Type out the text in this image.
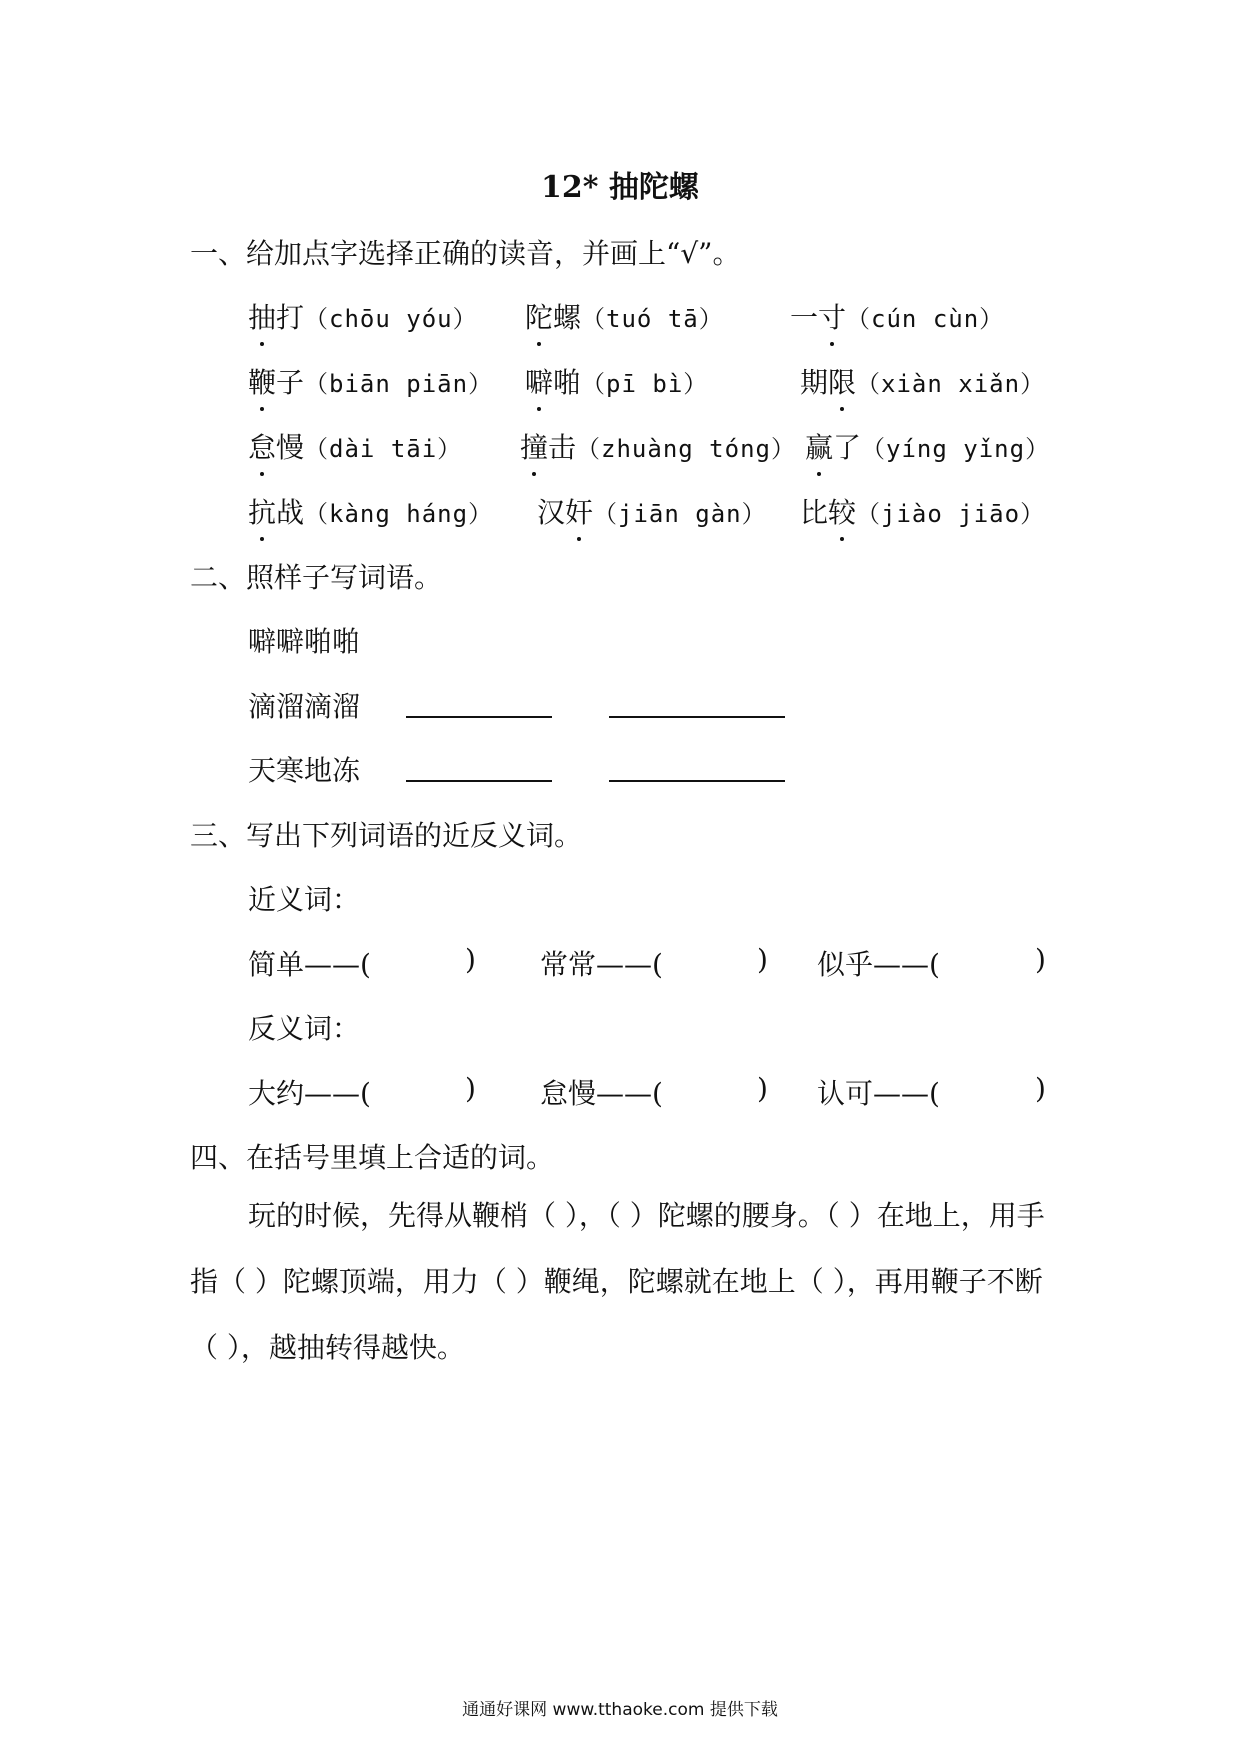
12* 抽陀螺
一、给加点字选择正确的读音，并画上“√”。
抽打（chōu yóu） 陀螺（tuó tā） 一寸（cún cùn）
鞭子（biān piān） 噼啪（pī bì）	期限（xiàn xiǎn）
怠慢（dài tāi） 撞击（zhuàng tóng） 赢了（yíng yǐng）
抗战（kàng háng） 汉奸（jiān gàn） 比较（jiào jiāo）
二、照样子写词语。
噼噼啪啪
滴溜滴溜
天寒地冻
三、写出下列词语的近反义词。
近义词：
简单——(	) 常常——(	) 似乎——(	)
反义词：
大约——(	) 怠慢——(	) 认可——(	)
四、在括号里填上合适的词。
玩的时候，先得从鞭梢（ ），（ ）陀螺的腰身。（ ）在地上，用手指（ ）陀螺顶端，用力（ ）鞭绳，陀螺就在地上（ ），再用鞭子不断（ ），越抽转得越快。
通通好课网 www.tthaoke.com 提供下载
